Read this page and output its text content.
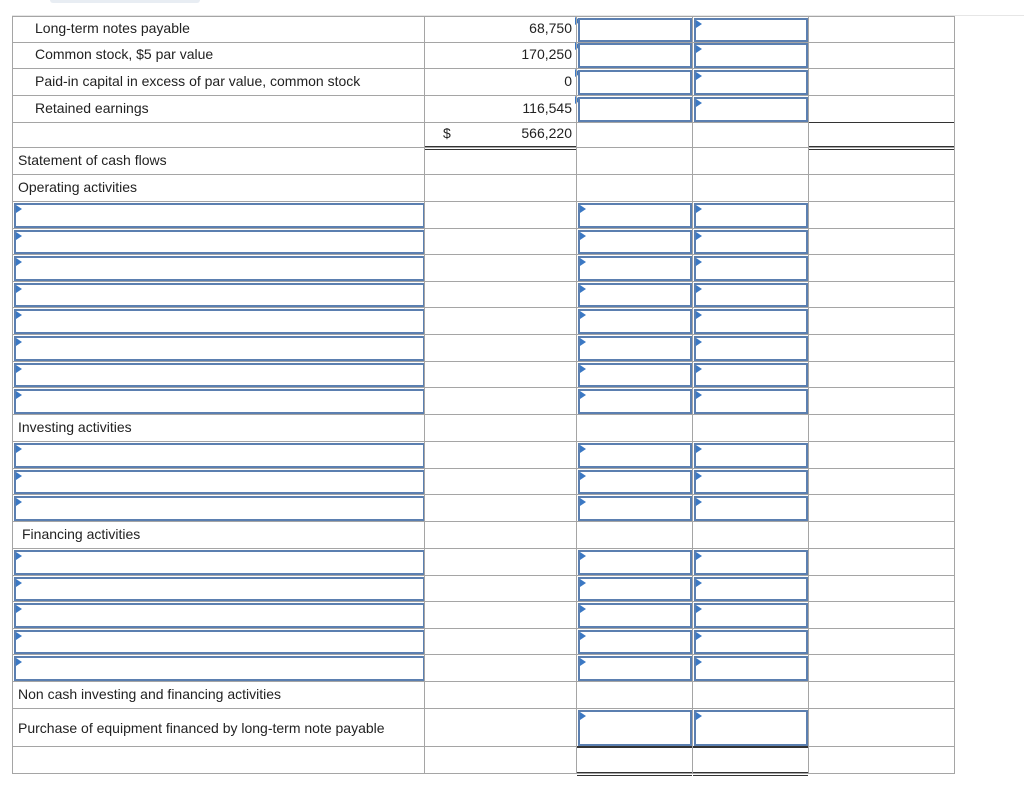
Long-term notes payable	68,750
Common stock, $5 par value	170,250
Paid-in capital in excess of par value, common stock	0
Retained earnings	116,545
$	566,220
Statement of cash flows
Operating activities
Investing activities
Financing activities
Non cash investing and financing activities
Purchase of equipment financed by long-term note payable
